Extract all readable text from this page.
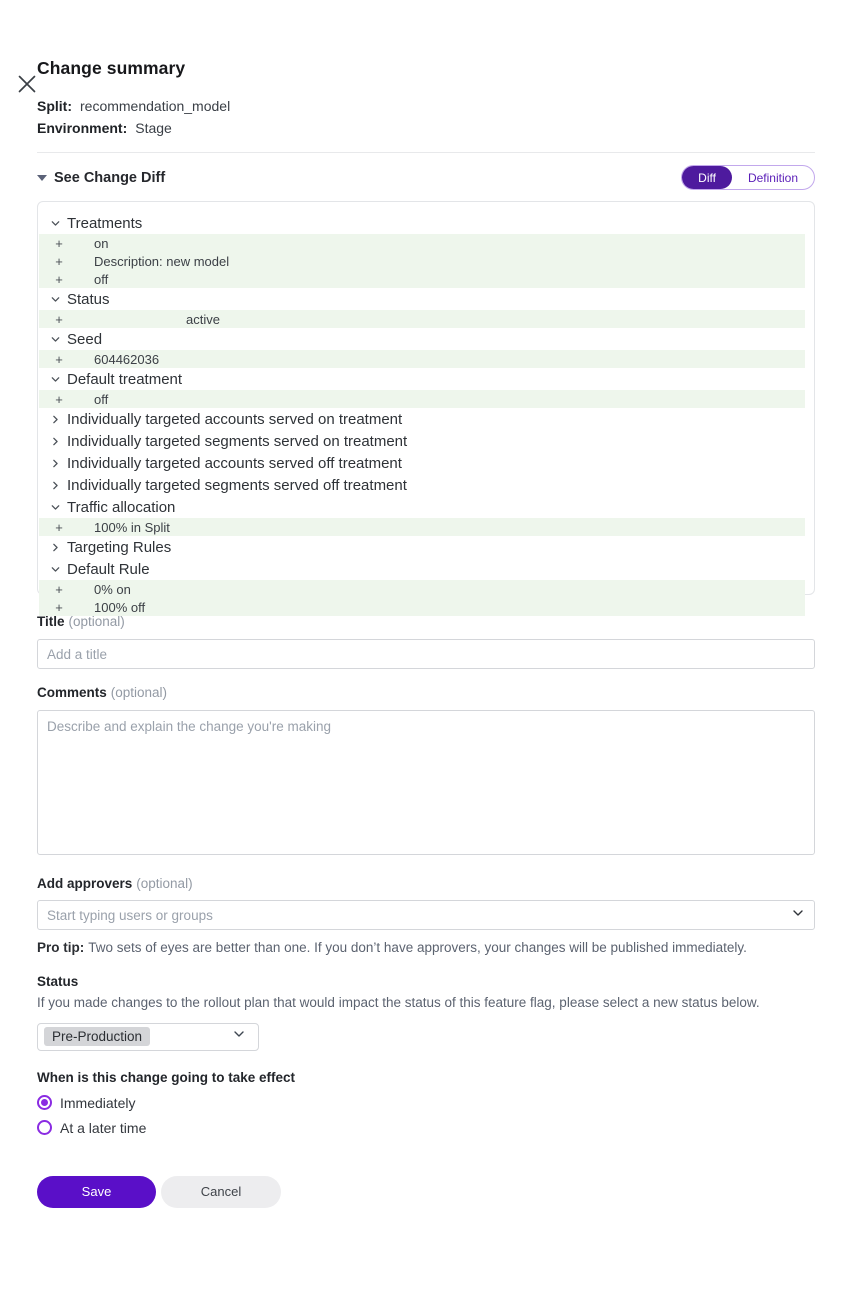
Change summary
Split: recommendation_model
Environment: Stage
See Change Diff	Diff	Definition
Treatments
+ on
+ Description: new model
+ off
Status
+	active
Seed
+ 604462036
Default treatment
+ off
Individually targeted accounts served on treatment
Individually targeted segments served on treatment
Individually targeted accounts served off treatment
Individually targeted segments served off treatment
Traffic allocation
+ 100% in Split
Targeting Rules
Default Rule
+ 0% on
+ 100% off
Title (optional)
Add a title
Comments (optional)
Describe and explain the change you're making
Add approvers (optional)
Start typing users or groups

Pro tip: Two sets of eyes are better than one. If you don’t have approvers, your changes will be published immediately.

Status

If you made changes to the rollout plan that would impact the status of this feature flag, please select a new status below.

Pre-Production
When is this change going to take effect
Immediately
At a later time
Save	Cancel
